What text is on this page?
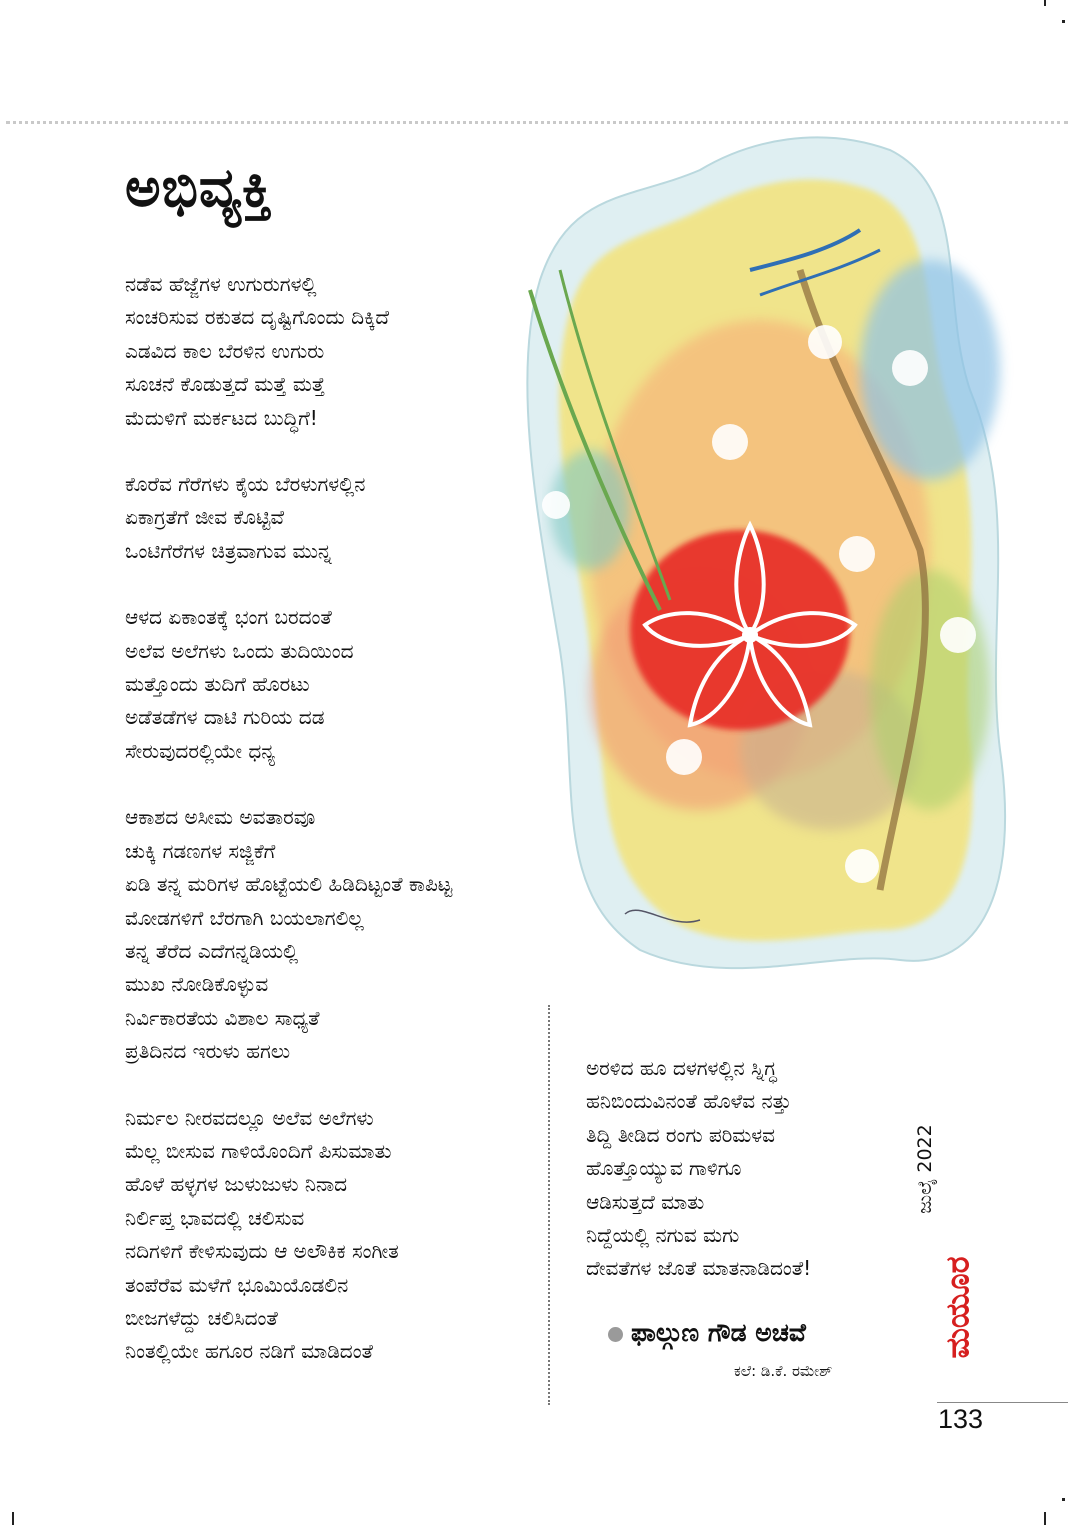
ಅಭಿವ್ಯಕ್ತಿ
ನಡೆವ ಹೆಜ್ಜೆಗಳ ಉಗುರುಗಳಲ್ಲಿ
ಸಂಚರಿಸುವ ರಕುತದ ದೃಷ್ಟಿಗೊಂದು ದಿಕ್ಕಿದೆ
ಎಡವಿದ ಕಾಲ ಬೆರಳಿನ ಉಗುರು
ಸೂಚನೆ ಕೊಡುತ್ತದೆ ಮತ್ತೆ ಮತ್ತೆ
ಮೆದುಳಿಗೆ ಮರ್ಕಟದ ಬುದ್ಧಿಗೆ!
ಕೊರೆವ ಗೆರೆಗಳು ಕೈಯ ಬೆರಳುಗಳಲ್ಲಿನ
ಏಕಾಗ್ರತೆಗೆ ಜೀವ ಕೊಟ್ಟಿವೆ
ಒಂಟಿಗೆರೆಗಳ ಚಿತ್ರವಾಗುವ ಮುನ್ನ
ಆಳದ ಏಕಾಂತಕ್ಕೆ ಭಂಗ ಬರದಂತೆ
ಅಲೆವ ಅಲೆಗಳು ಒಂದು ತುದಿಯಿಂದ
ಮತ್ತೊಂದು ತುದಿಗೆ ಹೊರಟು
ಅಡೆತಡೆಗಳ ದಾಟಿ ಗುರಿಯ ದಡ
ಸೇರುವುದರಲ್ಲಿಯೇ ಧನ್ಯ
ಆಕಾಶದ ಅಸೀಮ ಅವತಾರವೂ
ಚುಕ್ಕಿ ಗಡಣಗಳ ಸಜ್ಜಿಕೆಗೆ
ಏಡಿ ತನ್ನ ಮರಿಗಳ ಹೊಟ್ಟೆಯಲಿ ಹಿಡಿದಿಟ್ಟಂತೆ ಕಾಪಿಟ್ಟ
ಮೋಡಗಳಿಗೆ ಬೆರಗಾಗಿ ಬಯಲಾಗಲಿಲ್ಲ
ತನ್ನ ತೆರೆದ ಎದೆಗನ್ನಡಿಯಲ್ಲಿ
ಮುಖ ನೋಡಿಕೊಳ್ಳುವ
ನಿರ್ವಿಕಾರತೆಯ ವಿಶಾಲ ಸಾಧ್ಯತೆ
ಪ್ರತಿದಿನದ ಇರುಳು ಹಗಲು
ನಿರ್ಮಲ ನೀರವದಲ್ಲೂ ಅಲೆವ ಅಲೆಗಳು
ಮೆಲ್ಲ ಬೀಸುವ ಗಾಳಿಯೊಂದಿಗೆ ಪಿಸುಮಾತು
ಹೊಳೆ ಹಳ್ಳಗಳ ಜುಳುಜುಳು ನಿನಾದ
ನಿರ್ಲಿಪ್ತ ಭಾವದಲ್ಲಿ ಚಲಿಸುವ
ನದಿಗಳಿಗೆ ಕೇಳಿಸುವುದು ಆ ಅಲೌಕಿಕ ಸಂಗೀತ
ತಂಪೆರೆವ ಮಳೆಗೆ ಭೂಮಿಯೊಡಲಿನ
ಬೀಜಗಳೆದ್ದು ಚಲಿಸಿದಂತೆ
ನಿಂತಲ್ಲಿಯೇ ಹಗೂರ ನಡಿಗೆ ಮಾಡಿದಂತೆ
ಅರಳಿದ ಹೂ ದಳಗಳಲ್ಲಿನ ಸ್ನಿಗ್ಧ
ಹನಿಬಿಂದುವಿನಂತೆ ಹೊಳೆವ ನತ್ತು
ತಿದ್ದಿ ತೀಡಿದ ರಂಗು ಪರಿಮಳವ
ಹೊತ್ತೊಯ್ಯುವ ಗಾಳಿಗೂ
ಆಡಿಸುತ್ತದೆ ಮಾತು
ನಿದ್ದೆಯಲ್ಲಿ ನಗುವ ಮಗು
ದೇವತೆಗಳ ಜೊತೆ ಮಾತನಾಡಿದಂತೆ!
ಫಾಲ್ಗುಣ ಗೌಡ ಅಚವೆ
ಕಲೆ: ಡಿ.ಕೆ. ರಮೇಶ್
ಜುಲೈ 2022
ಮಯೂರ
133
